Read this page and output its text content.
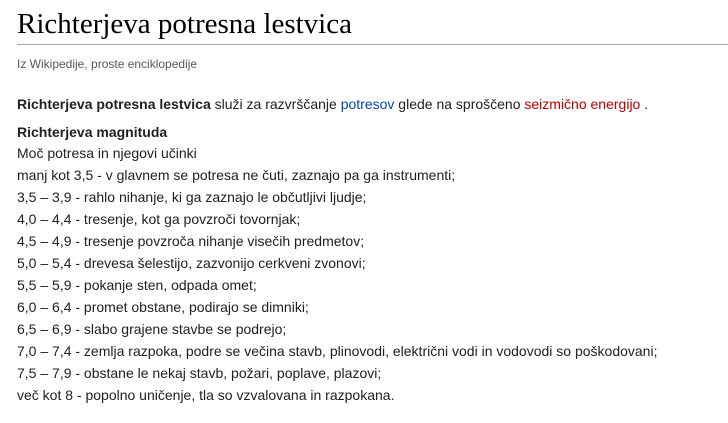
Richterjeva potresna lestvica
Iz Wikipedije, proste enciklopedije

Richterjeva potresna lestvica služi za razvrščanje potresov glede na sproščeno seizmično energijo .

Richterjeva magnituda
Moč potresa in njegovi učinki
manj kot 3,5 - v glavnem se potresa ne čuti, zaznajo pa ga instrumenti;
3,5 – 3,9 - rahlo nihanje, ki ga zaznajo le občutljivi ljudje;
4,0 – 4,4 - tresenje, kot ga povzroči tovornjak;
4,5 – 4,9 - tresenje povzroča nihanje visečih predmetov;
5,0 – 5,4 - drevesa šelestijo, zazvonijo cerkveni zvonovi;
5,5 – 5,9 - pokanje sten, odpada omet;
6,0 – 6,4 - promet obstane, podirajo se dimniki;
6,5 – 6,9 - slabo grajene stavbe se podrejo;
7,0 – 7,4 - zemlja razpoka, podre se večina stavb, plinovodi, električni vodi in vodovodi so poškodovani;
7,5 – 7,9 - obstane le nekaj stavb, požari, poplave, plazovi;
več kot 8 - popolno uničenje, tla so vzvalovana in razpokana.
